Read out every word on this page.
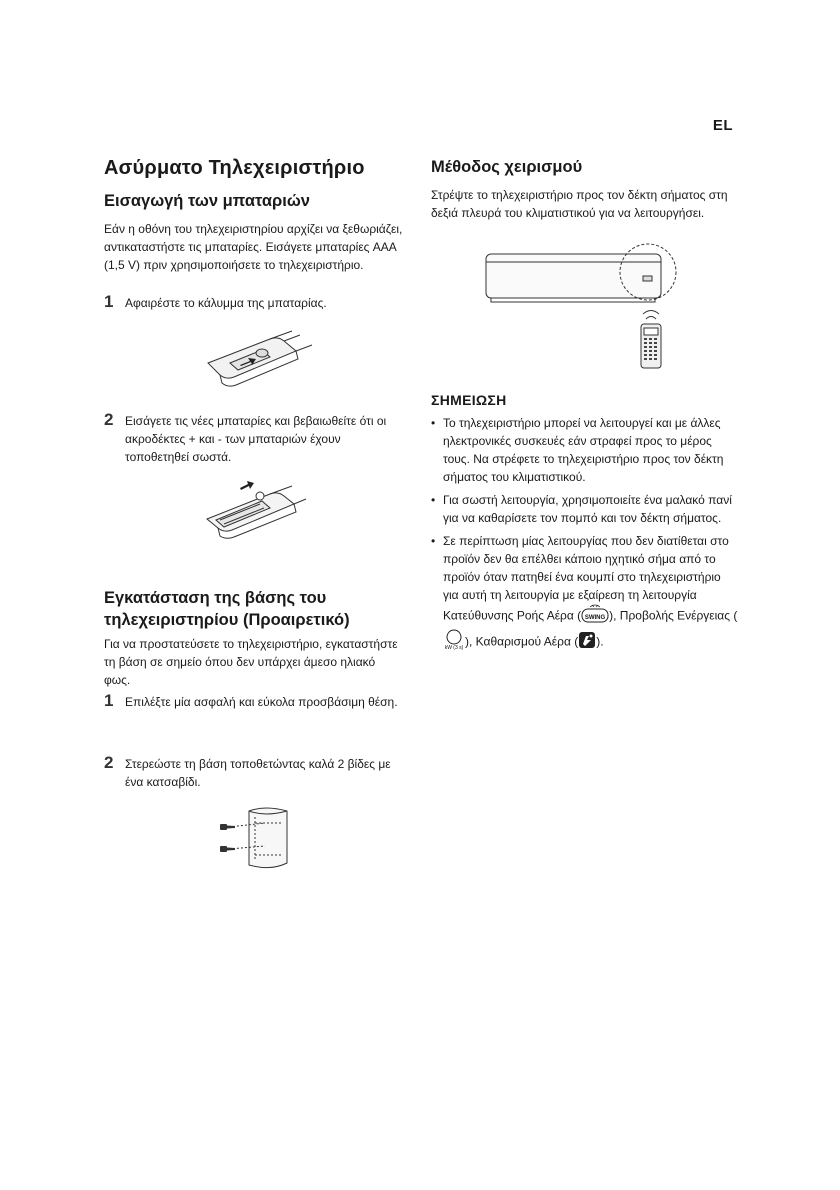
EL
Ασύρματο Τηλεχειριστήριο
Εισαγωγή των μπαταριών
Εάν η οθόνη του τηλεχειριστηρίου αρχίζει να ξεθωριάζει, αντικαταστήστε τις μπαταρίες. Εισάγετε μπαταρίες AAA (1,5 V) πριν χρησιμοποιήσετε το τηλεχειριστήριο.
1 Αφαιρέστε το κάλυμμα της μπαταρίας.
2 Εισάγετε τις νέες μπαταρίες και βεβαιωθείτε ότι οι ακροδέκτες + και - των μπαταριών έχουν τοποθετηθεί σωστά.
Εγκατάσταση της βάσης του
τηλεχειριστηρίου (Προαιρετικό)
Για να προστατεύσετε το τηλεχειριστήριο, εγκαταστήστε τη βάση σε σημείο όπου δεν υπάρχει άμεσο ηλιακό φως.
1 Επιλέξτε μία ασφαλή και εύκολα προσβάσιμη θέση.
2 Στερεώστε τη βάση τοποθετώντας καλά 2 βίδες με ένα κατσαβίδι.
Μέθοδος χειρισμού
Στρέψτε το τηλεχειριστήριο προς τον δέκτη σήματος στη δεξιά πλευρά του κλιματιστικού για να λειτουργήσει.
ΣΗΜΕΙΩΣΗ
• Το τηλεχειριστήριο μπορεί να λειτουργεί και με άλλες ηλεκτρονικές συσκευές εάν στραφεί προς το μέρος τους. Να στρέφετε το τηλεχειριστήριο προς τον δέκτη σήματος του κλιματιστικού.
• Για σωστή λειτουργία, χρησιμοποιείτε ένα μαλακό πανί για να καθαρίσετε τον πομπό και τον δέκτη σήματος.
• Σε περίπτωση μίας λειτουργίας που δεν διατίθεται στο προϊόν δεν θα επέλθει κάποιο ηχητικό σήμα από το προϊόν όταν πατηθεί ένα κουμπί στο τηλεχειριστήριο για αυτή τη λειτουργία με εξαίρεση τη λειτουργία Κατεύθυνσης Ροής Αέρα ( SWING ), Προβολής Ενέργειας (
kW (3 s) ), Καθαρισμού Αέρα ( ).
